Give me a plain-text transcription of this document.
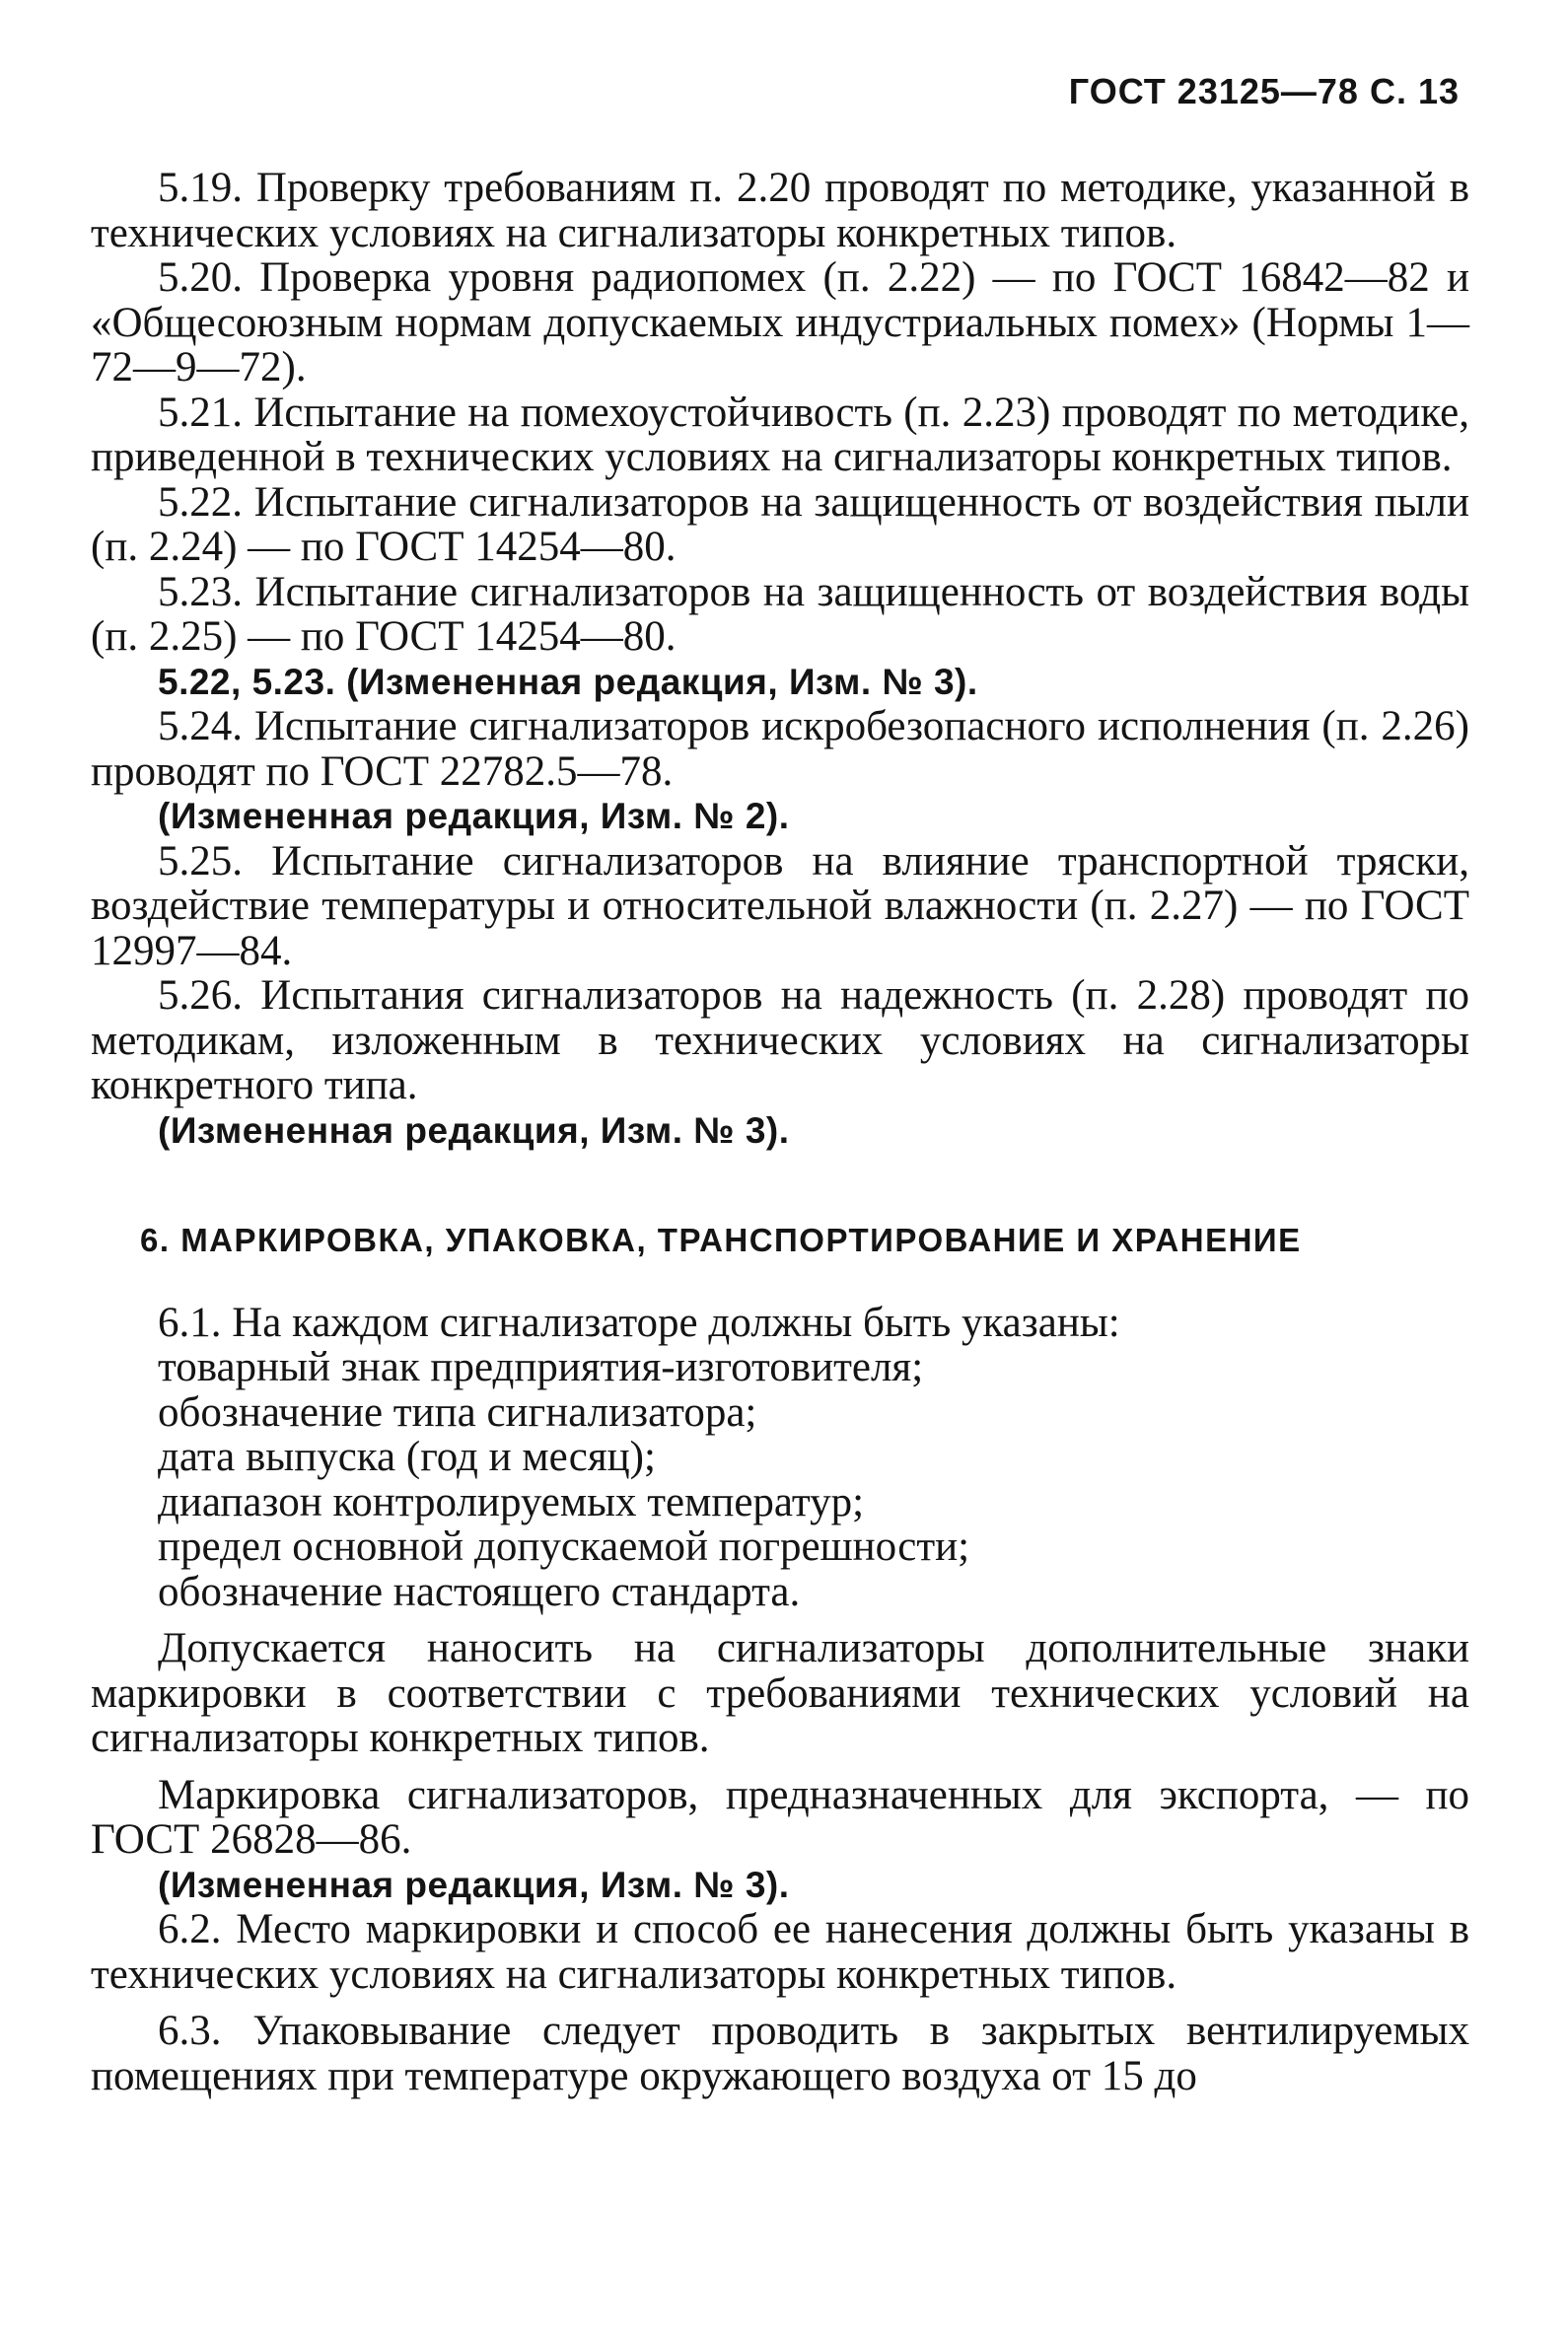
ГОСТ 23125—78 С. 13

5.19. Проверку требованиям п. 2.20 проводят по методике, указанной в технических условиях на сигнализаторы конкретных типов.

5.20. Проверка уровня радиопомех (п. 2.22) — по ГОСТ 16842—82 и «Общесоюзным нормам допускаемых индустриальных помех» (Нормы 1—72—9—72).

5.21. Испытание на помехоустойчивость (п. 2.23) проводят по методике, приведенной в технических условиях на сигнализаторы конкретных типов.

5.22. Испытание сигнализаторов на защищенность от воздействия пыли (п. 2.24) — по ГОСТ 14254—80.

5.23. Испытание сигнализаторов на защищенность от воздействия воды (п. 2.25) — по ГОСТ 14254—80.

5.22, 5.23. (Измененная редакция, Изм. № 3).

5.24. Испытание сигнализаторов искробезопасного исполнения (п. 2.26) проводят по ГОСТ 22782.5—78.

(Измененная редакция, Изм. № 2).

5.25. Испытание сигнализаторов на влияние транспортной тряски, воздействие температуры и относительной влажности (п. 2.27) — по ГОСТ 12997—84.

5.26. Испытания сигнализаторов на надежность (п. 2.28) проводят по методикам, изложенным в технических условиях на сигнализаторы конкретного типа.

(Измененная редакция, Изм. № 3).

6. МАРКИРОВКА, УПАКОВКА, ТРАНСПОРТИРОВАНИЕ И ХРАНЕНИЕ

6.1. На каждом сигнализаторе должны быть указаны:

товарный знак предприятия-изготовителя;

обозначение типа сигнализатора;

дата выпуска (год и месяц);

диапазон контролируемых температур;

предел основной допускаемой погрешности;

обозначение настоящего стандарта.

Допускается наносить на сигнализаторы дополнительные знаки маркировки в соответствии с требованиями технических условий на сигнализаторы конкретных типов.

Маркировка сигнализаторов, предназначенных для экспорта, — по ГОСТ 26828—86.

(Измененная редакция, Изм. № 3).

6.2. Место маркировки и способ ее нанесения должны быть указаны в технических условиях на сигнализаторы конкретных типов.

6.3. Упаковывание следует проводить в закрытых вентилируемых помещениях при температуре окружающего воздуха от 15 до
